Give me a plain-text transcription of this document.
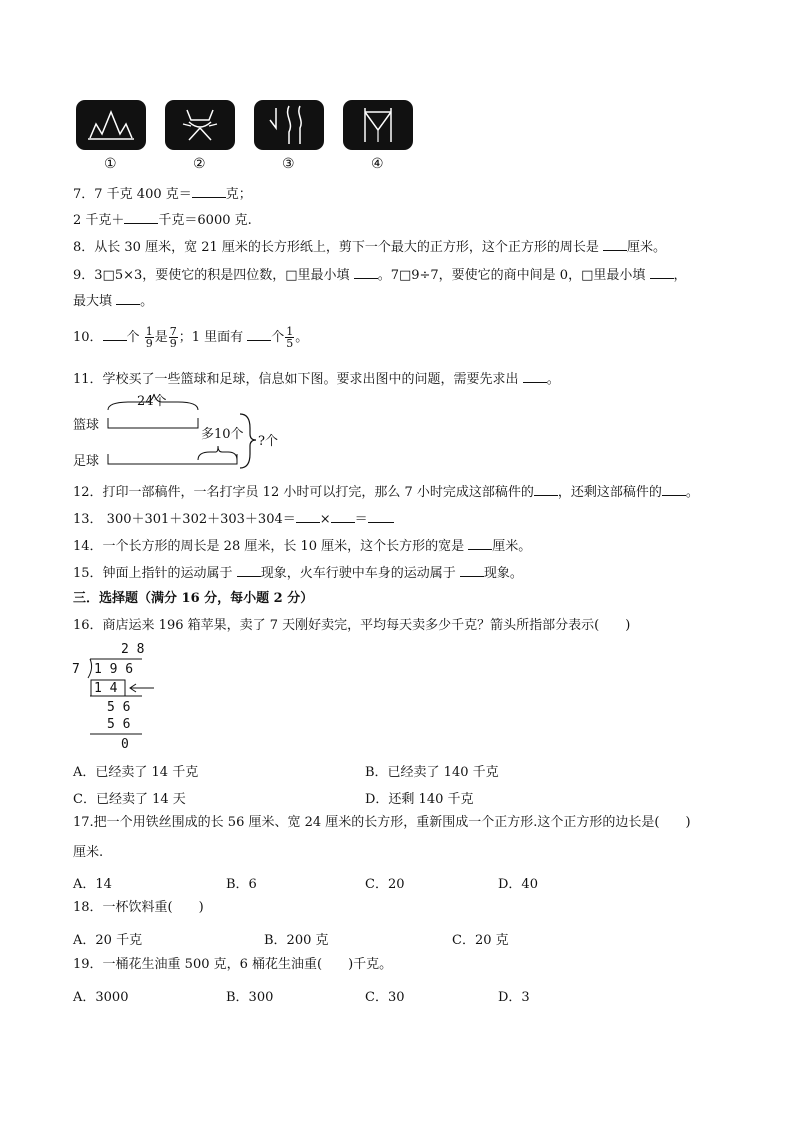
①	②	③	④
7．7 千克 400 克＝	克；
2 千克＋	千克＝6000 克.
8．从长 30 厘米，宽 21 厘米的长方形纸上，剪下一个最大的正方形，这个正方形的周长是 厘米。
9．3□5×3，要使它的积是四位数，□里最小填 。7□9÷7，要使它的商中间是 0，□里最小填 ，
最大填 。
10． 个 $\frac{1}{9}$ 是 $\frac{7}{9}$ ；1 里面有 个 $\frac{1}{5}$ 。
11．学校买了一些篮球和足球，信息如下图。要求出图中的问题，需要先求出 。
24个
篮球
多10个 ?个
足球
12．打印一部稿件，一名打字员 12 小时可以打完，那么 7 小时完成这部稿件的 ，还剩这部稿件的 。
13． 300＋301＋302＋303＋304＝ × ＝
14．一个长方形的周长是 28 厘米，长 10 厘米，这个长方形的宽是 厘米。
15．钟面上指针的运动属于 现象，火车行驶中车身的运动属于 现象。
三．选择题（满分 16 分，每小题 2 分）
16．商店运来 196 箱苹果，卖了 7 天刚好卖完，平均每天卖多少千克？箭头所指部分表示(　　)
2 8
7 1 9 6
1 4
5 6
5 6
0
A．已经卖了 14 千克	B．已经卖了 140 千克
C．已经卖了 14 天	D．还剩 140 千克
17.把一个用铁丝围成的长 56 厘米、宽 24 厘米的长方形，重新围成一个正方形.这个正方形的边长是(　　)
厘米.
A．14	B．6	C．20	D．40
18．一杯饮料重(　　)
A．20 千克	B．200 克	C．20 克
19．一桶花生油重 500 克，6 桶花生油重(　　)千克。
A．3000	B．300	C．30	D．3
